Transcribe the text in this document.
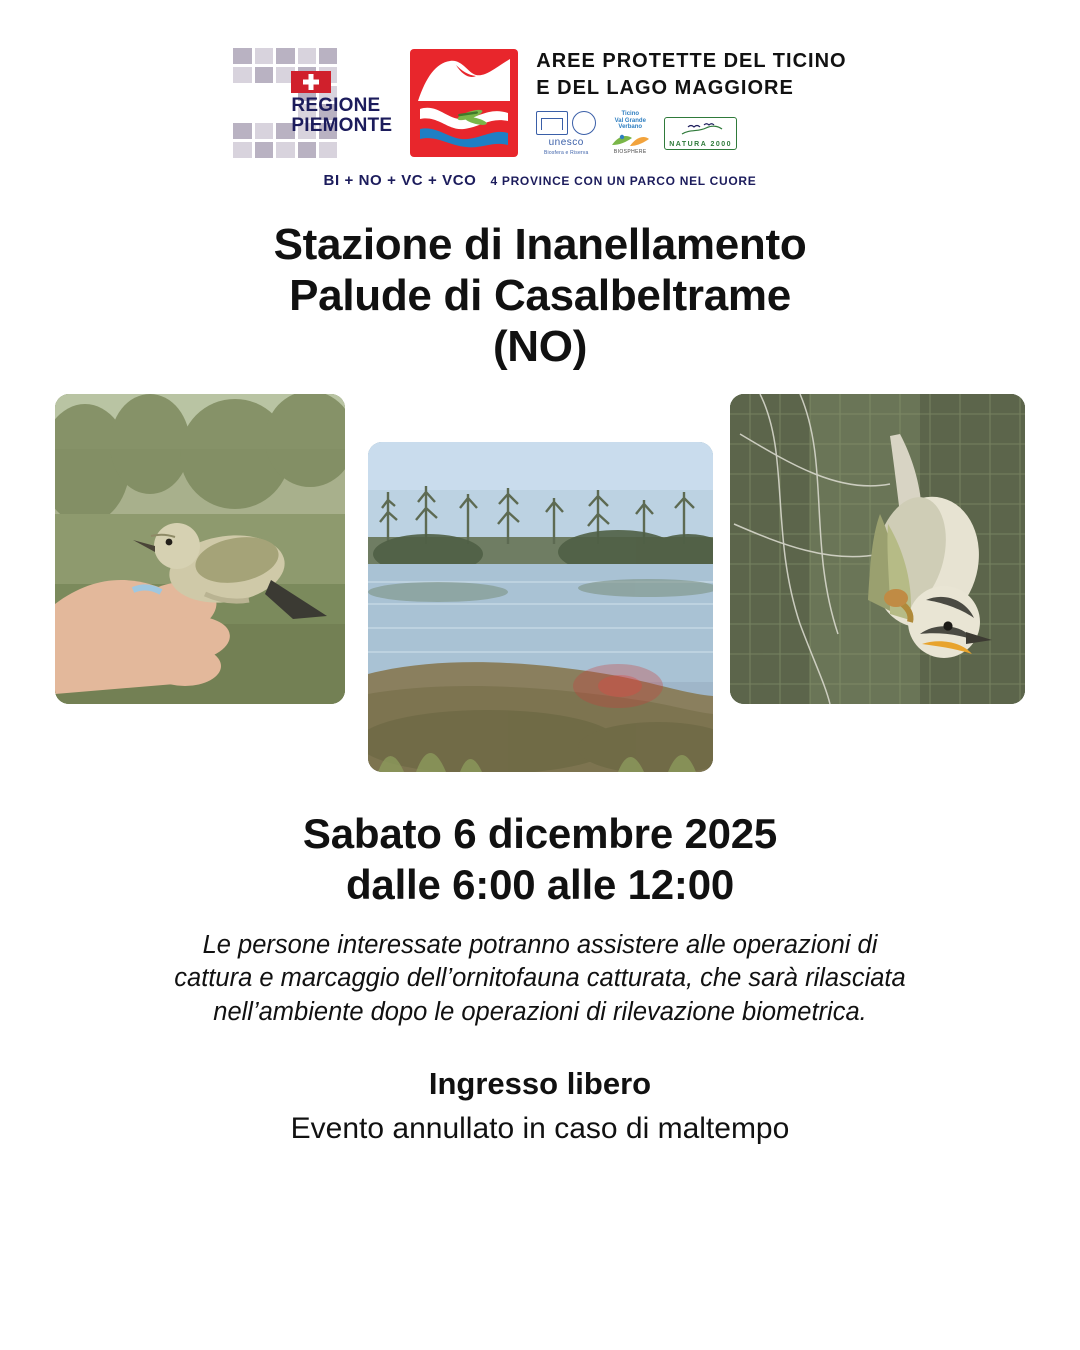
REGIONE
PIEMONTE
AREE PROTETTE DEL TICINO
E DEL LAGO MAGGIORE
unesco
Biosfera e Riserva
Ticino
Val Grande
Verbano
BIOSPHERE
NATURA 2000
BI + NO + VC + VCO 4 PROVINCE CON UN PARCO NEL CUORE
Stazione di Inanellamento
Palude di Casalbeltrame
(NO)
Sabato 6 dicembre 2025
dalle 6:00 alle 12:00
Le persone interessate potranno assistere alle operazioni di
cattura e marcaggio dell’ornitofauna catturata, che sarà rilasciata
nell’ambiente dopo le operazioni di rilevazione biometrica.
Ingresso libero
Evento annullato in caso di maltempo
